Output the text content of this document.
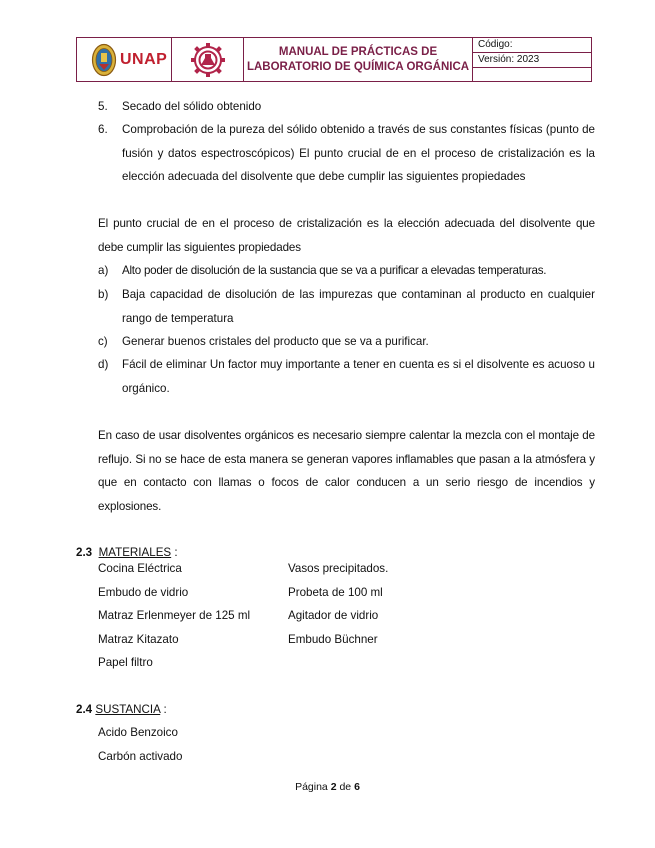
UNAP	MANUAL DE PRÁCTICAS DE
LABORATORIO DE QUÍMICA ORGÁNICA
Código:
Versión: 2023
5. Secado del sólido obtenido
6. Comprobación de la pureza del sólido obtenido a través de sus constantes físicas (punto de fusión y datos espectroscópicos) El punto crucial de en el proceso de cristalización es la elección adecuada del disolvente que debe cumplir las siguientes propiedades
El punto crucial de en el proceso de cristalización es la elección adecuada del disolvente que debe cumplir las siguientes propiedades
a) Alto poder de disolución de la sustancia que se va a purificar a elevadas temperaturas.
b) Baja capacidad de disolución de las impurezas que contaminan al producto en cualquier rango de temperatura
c) Generar buenos cristales del producto que se va a purificar.
d) Fácil de eliminar Un factor muy importante a tener en cuenta es si el disolvente es acuoso u orgánico.
En caso de usar disolventes orgánicos es necesario siempre calentar la mezcla con el montaje de reflujo. Si no se hace de esta manera se generan vapores inflamables que pasan a la atmósfera y que en contacto con llamas o focos de calor conducen a un serio riesgo de incendios y explosiones.
2.3 MATERIALES :
Cocina Eléctrica
Embudo de vidrio
Matraz Erlenmeyer de 125 ml
Matraz Kitazato
Papel filtro
Vasos precipitados.
Probeta de 100 ml
Agitador de vidrio
Embudo Büchner
2.4 SUSTANCIA :
Acido Benzoico
Carbón activado
Página 2 de 6
